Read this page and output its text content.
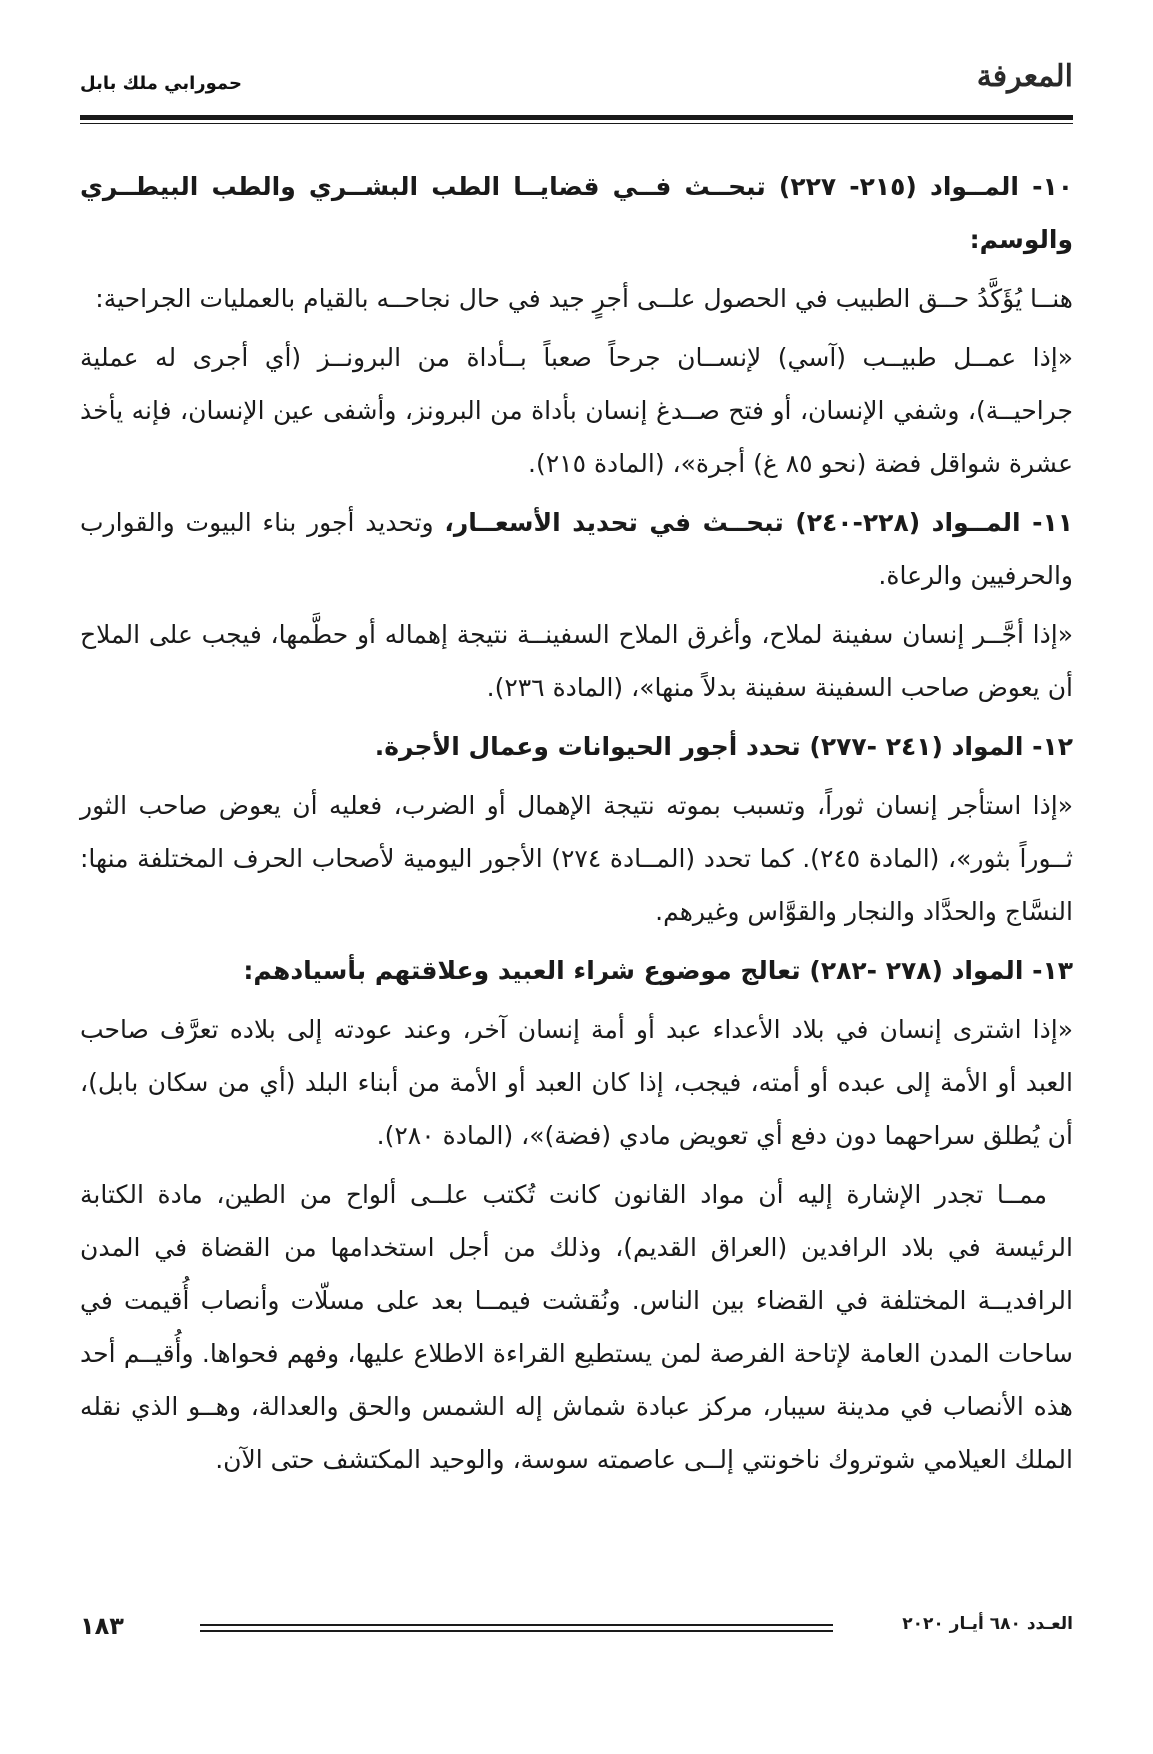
المعرفة
حمورابي ملك بابل

١٠- المــواد (٢١٥- ٢٢٧) تبحــث فــي قضايــا الطب البشــري والطب البيطــري والوسم:

هنــا يُؤَكَّدُ حــق الطبيب في الحصول علــى أجرٍ جيد في حال نجاحــه بالقيام بالعمليات الجراحية:

«إذا عمــل طبيــب (آسي) لإنســان جرحاً صعباً بــأداة من البرونــز (أي أجرى له عملية جراحيــة)، وشفي الإنسان، أو فتح صــدغ إنسان بأداة من البرونز، وأشفى عين الإنسان، فإنه يأخذ عشرة شواقل فضة (نحو ٨٥ غ) أجرة»، (المادة ٢١٥).

١١- المــواد (٢٢٨-٢٤٠) تبحــث في تحديد الأسعــار، وتحديد أجور بناء البيوت والقوارب والحرفيين والرعاة.

«إذا أجَّــر إنسان سفينة لملاح، وأغرق الملاح السفينــة نتيجة إهماله أو حطَّمها، فيجب على الملاح أن يعوض صاحب السفينة سفينة بدلاً منها»، (المادة ٢٣٦).

١٢- المواد (٢٤١ -٢٧٧) تحدد أجور الحيوانات وعمال الأجرة.

«إذا استأجر إنسان ثوراً، وتسبب بموته نتيجة الإهمال أو الضرب، فعليه أن يعوض صاحب الثور ثــوراً بثور»، (المادة ٢٤٥). كما تحدد (المــادة ٢٧٤) الأجور اليومية لأصحاب الحرف المختلفة منها: النسَّاج والحدَّاد والنجار والقوَّاس وغيرهم.

١٣- المواد (٢٧٨ -٢٨٢) تعالج موضوع شراء العبيد وعلاقتهم بأسيادهم:

«إذا اشترى إنسان في بلاد الأعداء عبد أو أمة إنسان آخر، وعند عودته إلى بلاده تعرَّف صاحب العبد أو الأمة إلى عبده أو أمته، فيجب، إذا كان العبد أو الأمة من أبناء البلد (أي من سكان بابل)، أن يُطلق سراحهما دون دفع أي تعويض مادي (فضة)»، (المادة ٢٨٠).

ممــا تجدر الإشارة إليه أن مواد القانون كانت تُكتب علــى ألواح من الطين، مادة الكتابة الرئيسة في بلاد الرافدين (العراق القديم)، وذلك من أجل استخدامها من القضاة في المدن الرافديــة المختلفة في القضاء بين الناس. ونُقشت فيمــا بعد على مسلّات وأنصاب أُقيمت في ساحات المدن العامة لإتاحة الفرصة لمن يستطيع القراءة الاطلاع عليها، وفهم فحواها. وأُقيــم أحد هذه الأنصاب في مدينة سيبار، مركز عبادة شماش إله الشمس والحق والعدالة، وهــو الذي نقله الملك العيلامي شوتروك ناخونتي إلــى عاصمته سوسة، والوحيد المكتشف حتى الآن.

١٨٣	العـدد ٦٨٠ أيـار ٢٠٢٠
